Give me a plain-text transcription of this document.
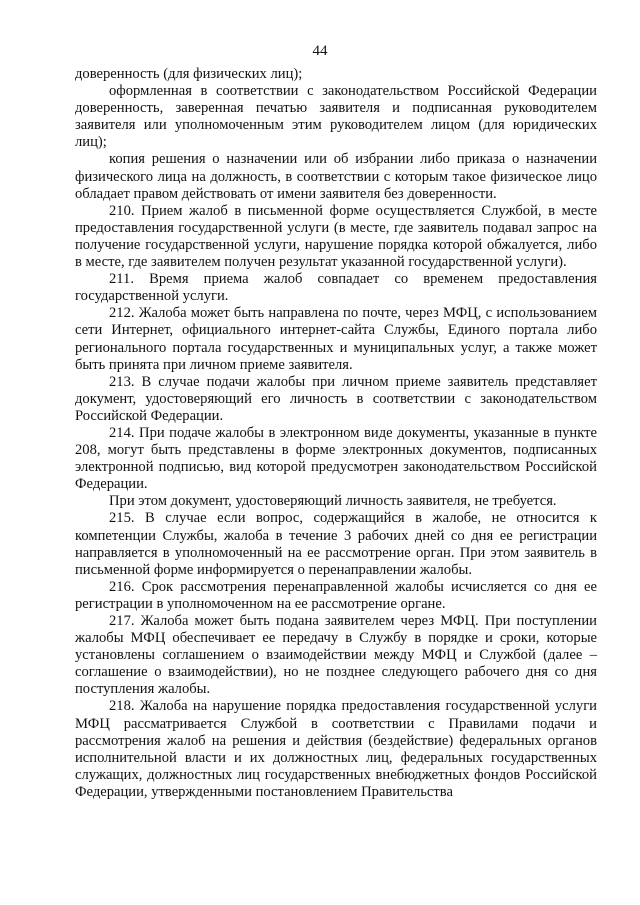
44

доверенность (для физических лиц);

оформленная в соответствии с законодательством Российской Федерации доверенность, заверенная печатью заявителя и подписанная руководителем заявителя или уполномоченным этим руководителем лицом (для юридических лиц);

копия решения о назначении или об избрании либо приказа о назначении физического лица на должность, в соответствии с которым такое физическое лицо обладает правом действовать от имени заявителя без доверенности.

210. Прием жалоб в письменной форме осуществляется Службой, в месте предоставления государственной услуги (в месте, где заявитель подавал запрос на получение государственной услуги, нарушение порядка которой обжалуется, либо в месте, где заявителем получен результат указанной государственной услуги).

211. Время приема жалоб совпадает со временем предоставления государственной услуги.

212. Жалоба может быть направлена по почте, через МФЦ, с использованием сети Интернет, официального интернет-сайта Службы, Единого портала либо регионального портала государственных и муниципальных услуг, а также может быть принята при личном приеме заявителя.

213. В случае подачи жалобы при личном приеме заявитель представляет документ, удостоверяющий его личность в соответствии с законодательством Российской Федерации.

214. При подаче жалобы в электронном виде документы, указанные в пункте 208, могут быть представлены в форме электронных документов, подписанных электронной подписью, вид которой предусмотрен законодательством Российской Федерации.

При этом документ, удостоверяющий личность заявителя, не требуется.

215. В случае если вопрос, содержащийся в жалобе, не относится к компетенции Службы, жалоба в течение 3 рабочих дней со дня ее регистрации направляется в уполномоченный на ее рассмотрение орган. При этом заявитель в письменной форме информируется о перенаправлении жалобы.

216. Срок рассмотрения перенаправленной жалобы исчисляется со дня ее регистрации в уполномоченном на ее рассмотрение органе.

217. Жалоба может быть подана заявителем через МФЦ. При поступлении жалобы МФЦ обеспечивает ее передачу в Службу в порядке и сроки, которые установлены соглашением о взаимодействии между МФЦ и Службой (далее – соглашение о взаимодействии), но не позднее следующего рабочего дня со дня поступления жалобы.

218. Жалоба на нарушение порядка предоставления государственной услуги МФЦ рассматривается Службой в соответствии с Правилами подачи и рассмотрения жалоб на решения и действия (бездействие) федеральных органов исполнительной власти и их должностных лиц, федеральных государственных служащих, должностных лиц государственных внебюджетных фондов Российской Федерации, утвержденными постановлением Правительства
